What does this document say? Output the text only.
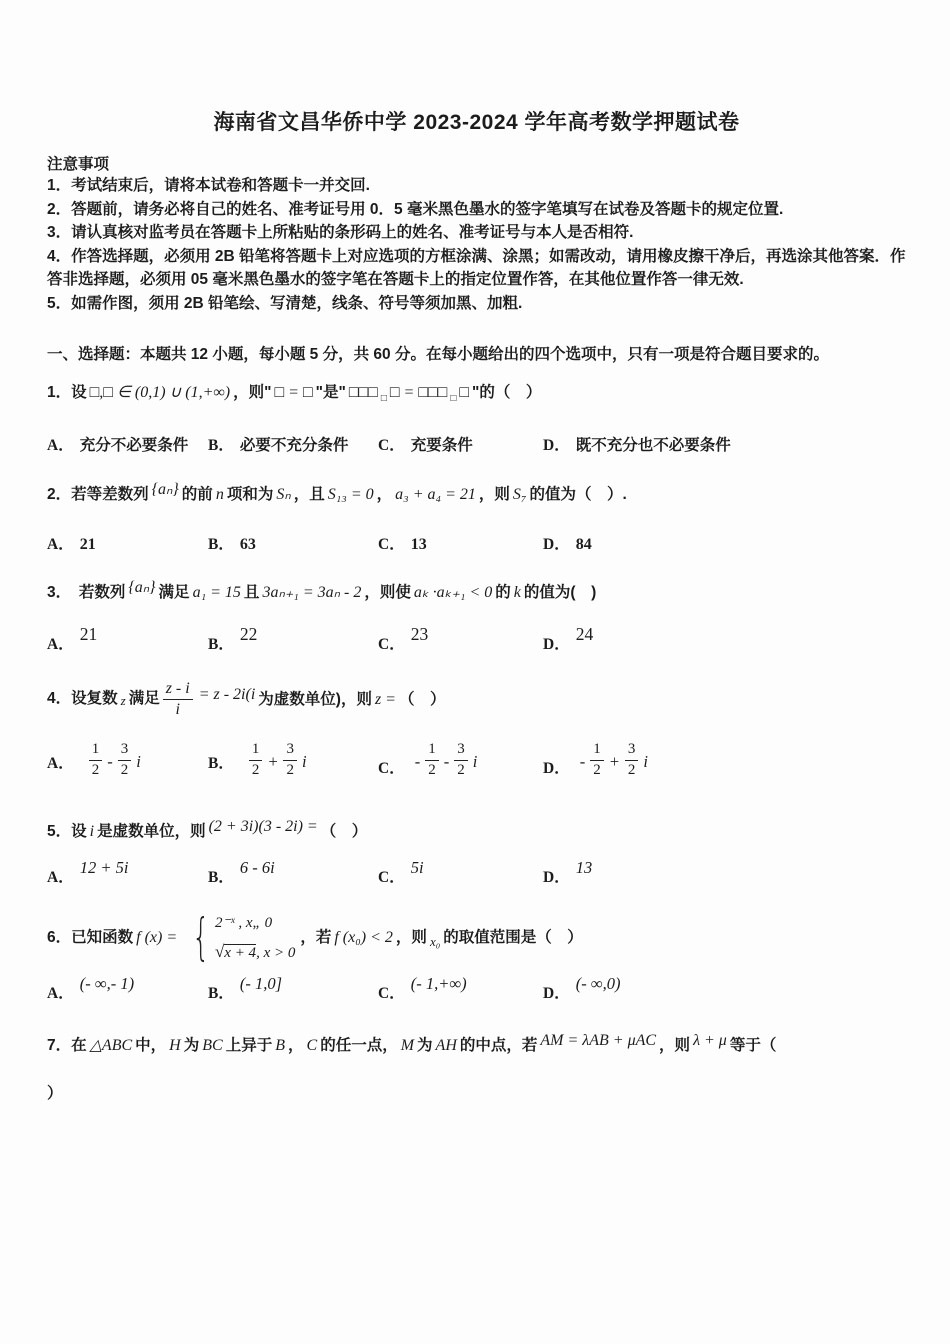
海南省文昌华侨中学 2023-2024 学年高考数学押题试卷
注意事项
1．考试结束后，请将本试卷和答题卡一并交回.
2．答题前，请务必将自己的姓名、准考证号用 0．5 毫米黑色墨水的签字笔填写在试卷及答题卡的规定位置.
3．请认真核对监考员在答题卡上所粘贴的条形码上的姓名、准考证号与本人是否相符.
4．作答选择题，必须用 2B 铅笔将答题卡上对应选项的方框涂满、涂黑；如需改动，请用橡皮擦干净后，再选涂其他答案．作答非选择题，必须用 05 毫米黑色墨水的签字笔在答题卡上的指定位置作答，在其他位置作答一律无效.
5．如需作图，须用 2B 铅笔绘、写清楚，线条、符号等须加黑、加粗.
一、选择题：本题共 12 小题，每小题 5 分，共 60 分。在每小题给出的四个选项中，只有一项是符合题目要求的。
1．设 □,□ ∈ (0,1) ∪ (1,+∞) ，则" □ = □ "是" □□□ $_□$ □ = □□□ $_□$ □ "的（　）
A． 充分不必要条件	B． 必要不充分条件	C． 充要条件	D． 既不充分也不必要条件
2．若等差数列 {aₙ} 的前 n 项和为 Sₙ ，且 S₁₃ = 0 ， a₃ + a₄ = 21 ，则 S₇ 的值为（　）.
A． 21	B． 63	C． 13	D． 84
3．　若数列 {aₙ} 满足 a₁ = 15 且 3aₙ₊₁ = 3aₙ - 2 ，则使 aₖ ·aₖ₊₁ < 0 的 k 的值为(　)
A．21
B．22
C．23
D．24
4．设复数 z 满足 $\frac{z - i}{i} = z - 2i(i$ 为虚数单位)，则 z = （　）
A． $\frac{1}{2} - \frac{3}{2}$ i	B． $\frac{1}{2} + \frac{3}{2}$ i	C． - $\frac{1}{2} - \frac{3}{2}$ i	D． - $\frac{1}{2} + \frac{3}{2}$ i
5．设 i 是虚数单位，则 (2 + 3i)(3 - 2i) = （　）
A．12 + 5i
B．6 - 6i
C．5i
D．13
6．已知函数 f (x) = { 2⁻ˣ , x„ 0
√x + 4, x > 0
，若 f (x₀) < 2 ，则 $_{x_0}$ 的取值范围是（　）
A．(- ∞,- 1)
B．(- 1,0]
C．(- 1,+∞)
D．(- ∞,0)
7．在 △ABC 中， H 为 BC 上异于 B ， C 的任一点， M 为 AH 的中点，若 AM = λAB + μAC ，则 λ + μ 等于（
）
